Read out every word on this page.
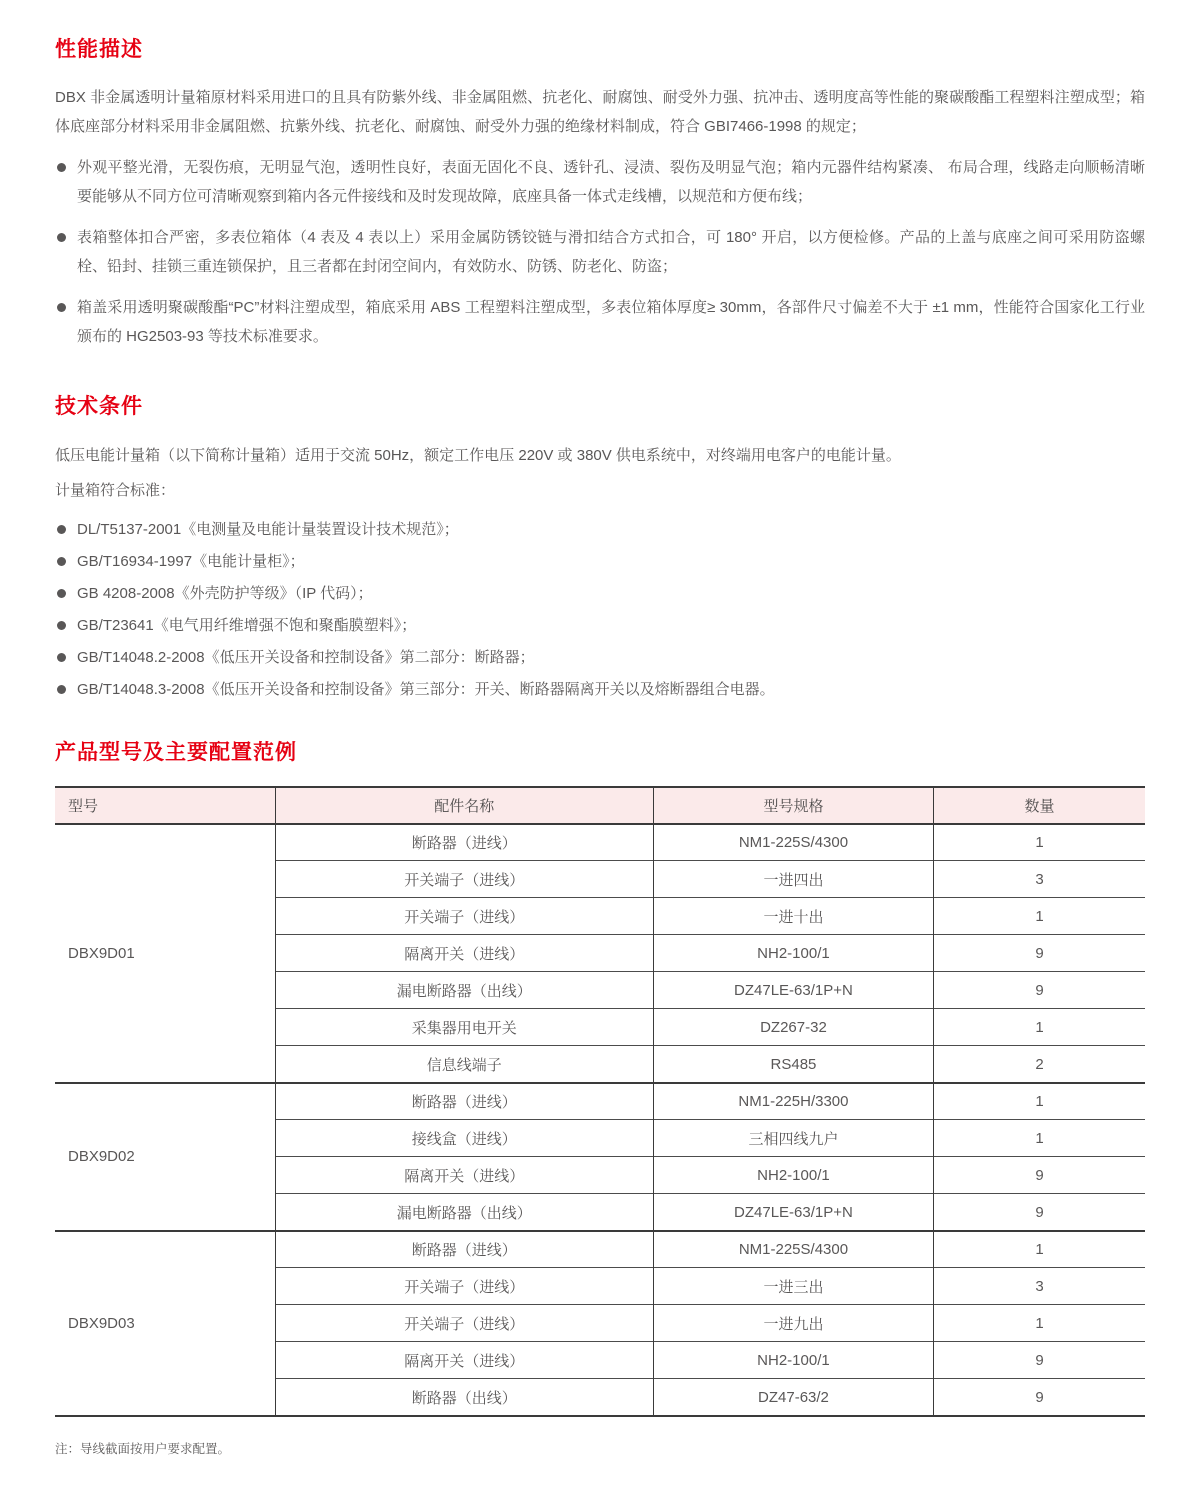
性能描述

DBX 非金属透明计量箱原材料采用进口的且具有防紫外线、非金属阻燃、抗老化、耐腐蚀、耐受外力强、抗冲击、透明度高等性能的聚碳酸酯工程塑料注塑成型；箱体底座部分材料采用非金属阻燃、抗紫外线、抗老化、耐腐蚀、耐受外力强的绝缘材料制成，符合 GBI7466-1998 的规定；

外观平整光滑，无裂伤痕，无明显气泡，透明性良好，表面无固化不良、透针孔、浸渍、裂伤及明显气泡；箱内元器件结构紧凑、 布局合理，线路走向顺畅清晰要能够从不同方位可清晰观察到箱内各元件接线和及时发现故障，底座具备一体式走线槽，以规范和方便布线；
表箱整体扣合严密，多表位箱体（4 表及 4 表以上）采用金属防锈铰链与滑扣结合方式扣合，可 180° 开启，以方便检修。产品的上盖与底座之间可采用防盗螺栓、铅封、挂锁三重连锁保护，且三者都在封闭空间内，有效防水、防锈、防老化、防盗；
箱盖采用透明聚碳酸酯“PC”材料注塑成型，箱底采用 ABS 工程塑料注塑成型，多表位箱体厚度≥ 30mm，各部件尺寸偏差不大于 ±1 mm，性能符合国家化工行业颁布的 HG2503-93 等技术标准要求。
技术条件

低压电能计量箱（以下简称计量箱）适用于交流 50Hz，额定工作电压 220V 或 380V 供电系统中，对终端用电客户的电能计量。

计量箱符合标准：

DL/T5137-2001《电测量及电能计量装置设计技术规范》；
GB/T16934-1997《电能计量柜》；
GB 4208-2008《外壳防护等级》（IP 代码）；
GB/T23641《电气用纤维增强不饱和聚酯膜塑料》；
GB/T14048.2-2008《低压开关设备和控制设备》第二部分：断路器；
GB/T14048.3-2008《低压开关设备和控制设备》第三部分：开关、断路器隔离开关以及熔断器组合电器。
产品型号及主要配置范例
型号	配件名称	型号规格	数量
DBX9D01	断路器（进线）	NM1-225S/4300	1
	开关端子（进线）	一进四出	3
	开关端子（进线）	一进十出	1
	隔离开关（进线）	NH2-100/1	9
	漏电断路器（出线）	DZ47LE-63/1P+N	9
	采集器用电开关	DZ267-32	1
	信息线端子	RS485	2
DBX9D02	断路器（进线）	NM1-225H/3300	1
	接线盒（进线）	三相四线九户	1
	隔离开关（进线）	NH2-100/1	9
	漏电断路器（出线）	DZ47LE-63/1P+N	9
DBX9D03	断路器（进线）	NM1-225S/4300	1
	开关端子（进线）	一进三出	3
	开关端子（进线）	一进九出	1
	隔离开关（进线）	NH2-100/1	9
	断路器（出线）	DZ47-63/2	9

注：导线截面按用户要求配置。
